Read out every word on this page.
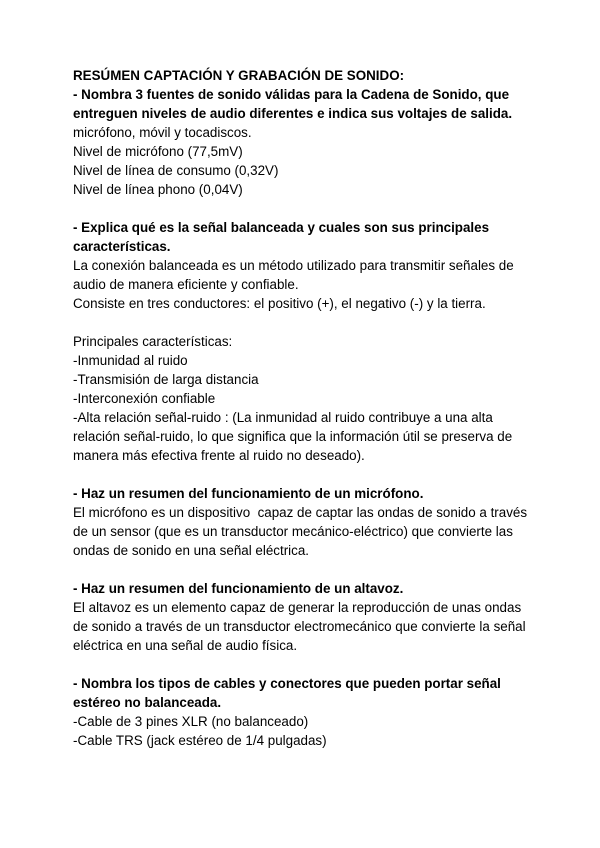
RESÚMEN CAPTACIÓN Y GRABACIÓN DE SONIDO:

- Nombra 3 fuentes de sonido válidas para la Cadena de Sonido, que entreguen niveles de audio diferentes e indica sus voltajes de salida.

micrófono, móvil y tocadiscos.

Nivel de micrófono (77,5mV)

Nivel de línea de consumo (0,32V)

Nivel de línea phono (0,04V)

- Explica qué es la señal balanceada y cuales son sus principales características.

La conexión balanceada es un método utilizado para transmitir señales de audio de manera eficiente y confiable.

Consiste en tres conductores: el positivo (+), el negativo (-) y la tierra.

Principales características:

-Inmunidad al ruido

-Transmisión de larga distancia

-Interconexión confiable

-Alta relación señal-ruido : (La inmunidad al ruido contribuye a una alta relación señal-ruido, lo que significa que la información útil se preserva de manera más efectiva frente al ruido no deseado).

- Haz un resumen del funcionamiento de un micrófono.

El micrófono es un dispositivo  capaz de captar las ondas de sonido a través de un sensor (que es un transductor mecánico-eléctrico) que convierte las ondas de sonido en una señal eléctrica.

- Haz un resumen del funcionamiento de un altavoz.

El altavoz es un elemento capaz de generar la reproducción de unas ondas de sonido a través de un transductor electromecánico que convierte la señal eléctrica en una señal de audio física.

- Nombra los tipos de cables y conectores que pueden portar señal estéreo no balanceada.

-Cable de 3 pines XLR (no balanceado)

-Cable TRS (jack estéreo de 1/4 pulgadas)
